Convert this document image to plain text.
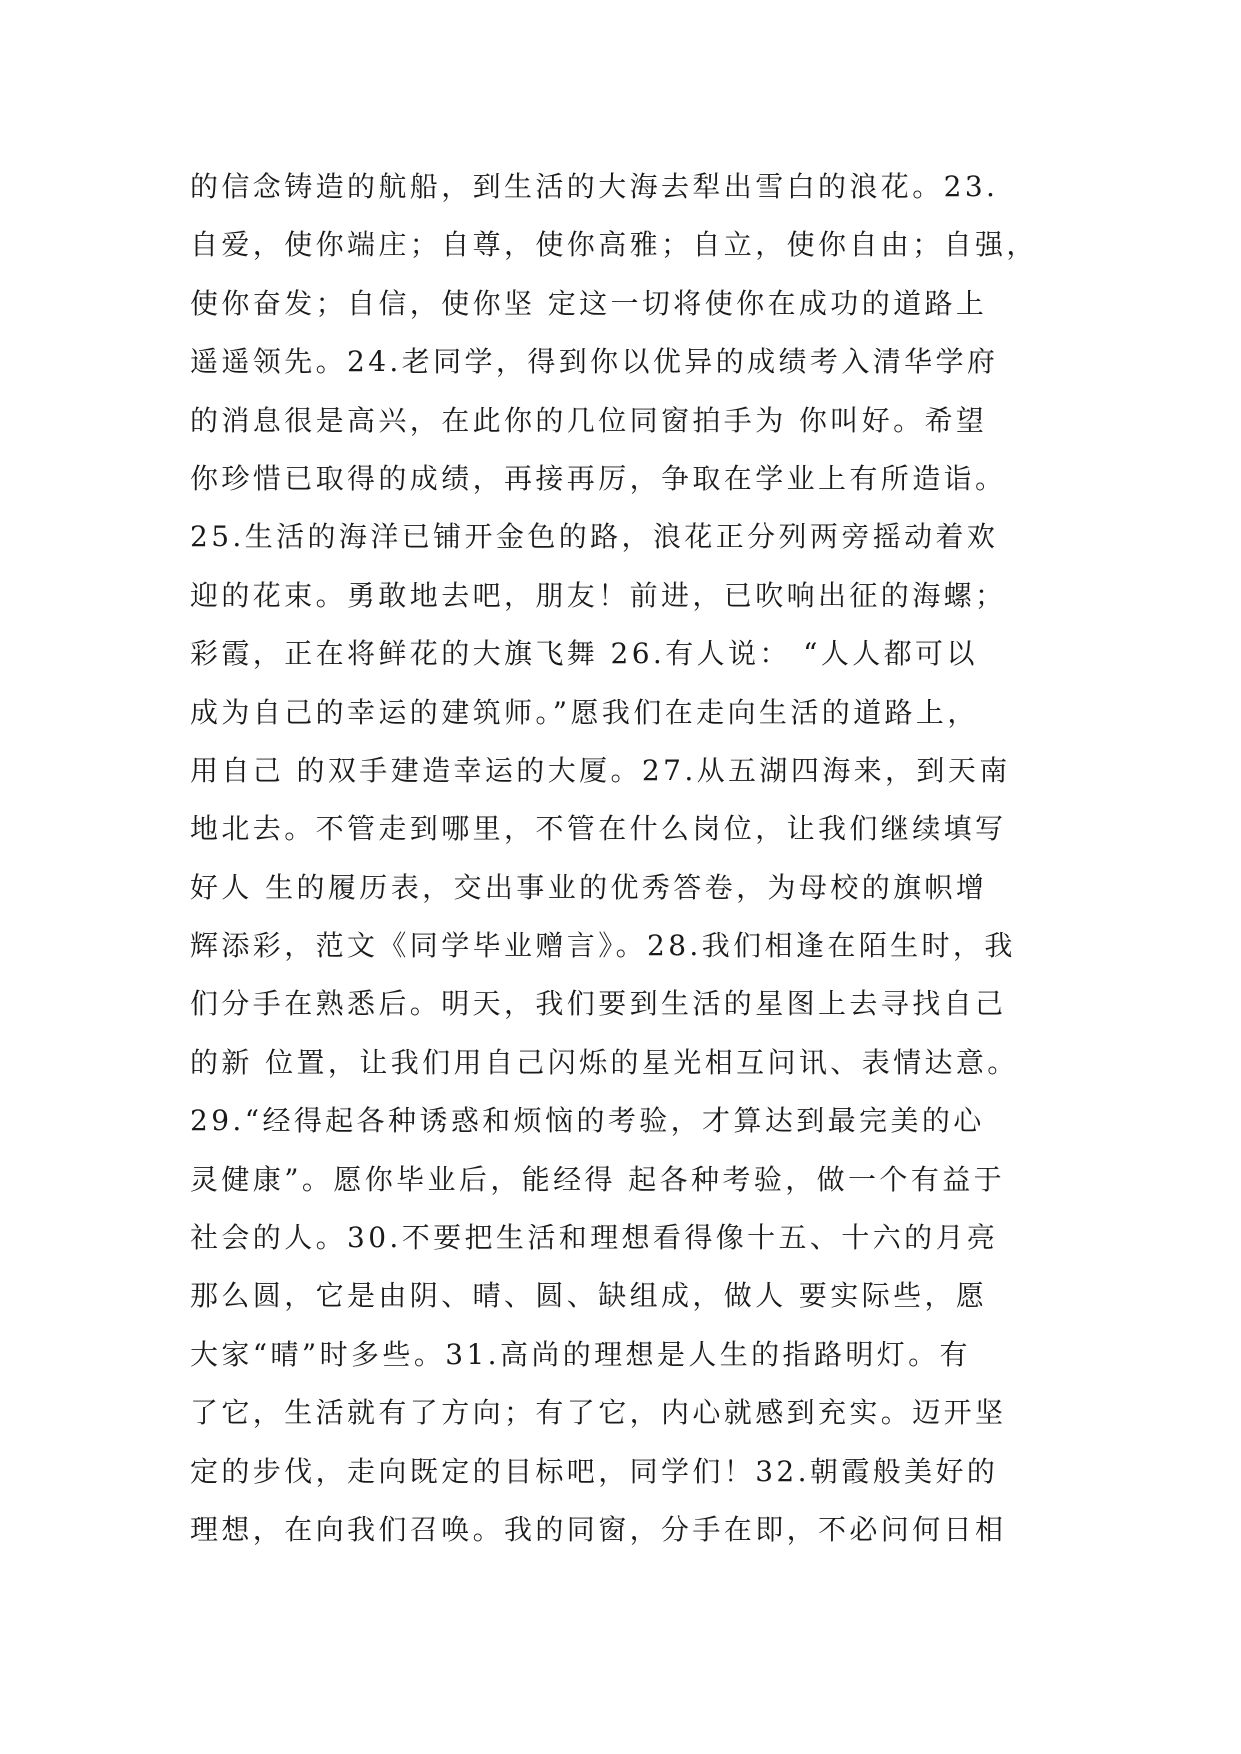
的信念铸造的航船，到生活的大海去犁出雪白的浪花。23.
自爱，使你端庄；自尊，使你高雅；自立，使你自由；自强，
使你奋发；自信，使你坚 定这一切将使你在成功的道路上
遥遥领先。24.老同学，得到你以优异的成绩考入清华学府
的消息很是高兴，在此你的几位同窗拍手为 你叫好。希望
你珍惜已取得的成绩，再接再厉，争取在学业上有所造诣。
25.生活的海洋已铺开金色的路，浪花正分列两旁摇动着欢
迎的花束。勇敢地去吧，朋友！前进，已吹响出征的海螺；
彩霞，正在将鲜花的大旗飞舞 26.有人说： “人人都可以
成为自己的幸运的建筑师。”愿我们在走向生活的道路上，
用自己 的双手建造幸运的大厦。27.从五湖四海来，到天南
地北去。不管走到哪里，不管在什么岗位，让我们继续填写
好人 生的履历表，交出事业的优秀答卷，为母校的旗帜增
辉添彩，范文《同学毕业赠言》。28.我们相逢在陌生时，我
们分手在熟悉后。明天，我们要到生活的星图上去寻找自己
的新 位置，让我们用自己闪烁的星光相互问讯、表情达意。
29.“经得起各种诱惑和烦恼的考验，才算达到最完美的心
灵健康”。愿你毕业后，能经得 起各种考验，做一个有益于
社会的人。30.不要把生活和理想看得像十五、十六的月亮
那么圆，它是由阴、晴、圆、缺组成，做人 要实际些，愿
大家“晴”时多些。31.高尚的理想是人生的指路明灯。有
了它，生活就有了方向；有了它，内心就感到充实。迈开坚
定的步伐，走向既定的目标吧，同学们！32.朝霞般美好的
理想，在向我们召唤。我的同窗，分手在即，不必问何日相
